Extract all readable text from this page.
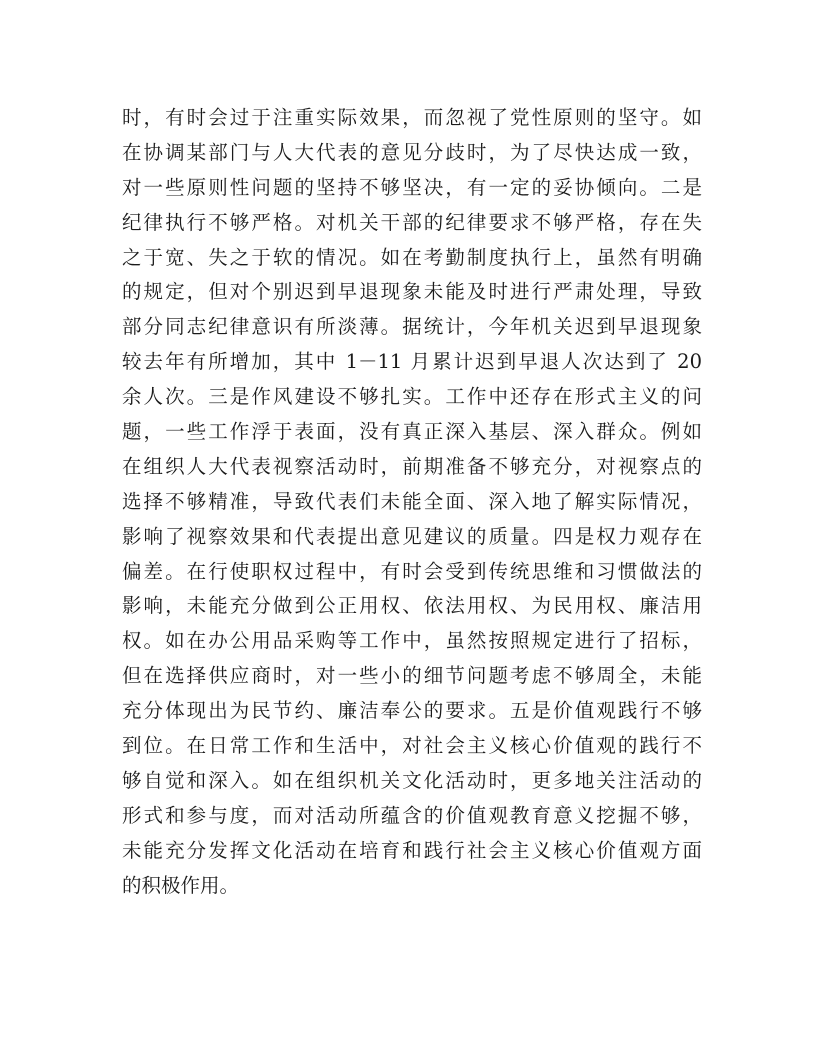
时，有时会过于注重实际效果，而忽视了党性原则的坚守。如
在协调某部门与人大代表的意见分歧时，为了尽快达成一致，
对一些原则性问题的坚持不够坚决，有一定的妥协倾向。二是
纪律执行不够严格。对机关干部的纪律要求不够严格，存在失
之于宽、失之于软的情况。如在考勤制度执行上，虽然有明确
的规定，但对个别迟到早退现象未能及时进行严肃处理，导致
部分同志纪律意识有所淡薄。据统计，今年机关迟到早退现象
较去年有所增加，其中 1－11 月累计迟到早退人次达到了 20
余人次。三是作风建设不够扎实。工作中还存在形式主义的问
题，一些工作浮于表面，没有真正深入基层、深入群众。例如
在组织人大代表视察活动时，前期准备不够充分，对视察点的
选择不够精准，导致代表们未能全面、深入地了解实际情况，
影响了视察效果和代表提出意见建议的质量。四是权力观存在
偏差。在行使职权过程中，有时会受到传统思维和习惯做法的
影响，未能充分做到公正用权、依法用权、为民用权、廉洁用
权。如在办公用品采购等工作中，虽然按照规定进行了招标，
但在选择供应商时，对一些小的细节问题考虑不够周全，未能
充分体现出为民节约、廉洁奉公的要求。五是价值观践行不够
到位。在日常工作和生活中，对社会主义核心价值观的践行不
够自觉和深入。如在组织机关文化活动时，更多地关注活动的
形式和参与度，而对活动所蕴含的价值观教育意义挖掘不够，
未能充分发挥文化活动在培育和践行社会主义核心价值观方面
的积极作用。
